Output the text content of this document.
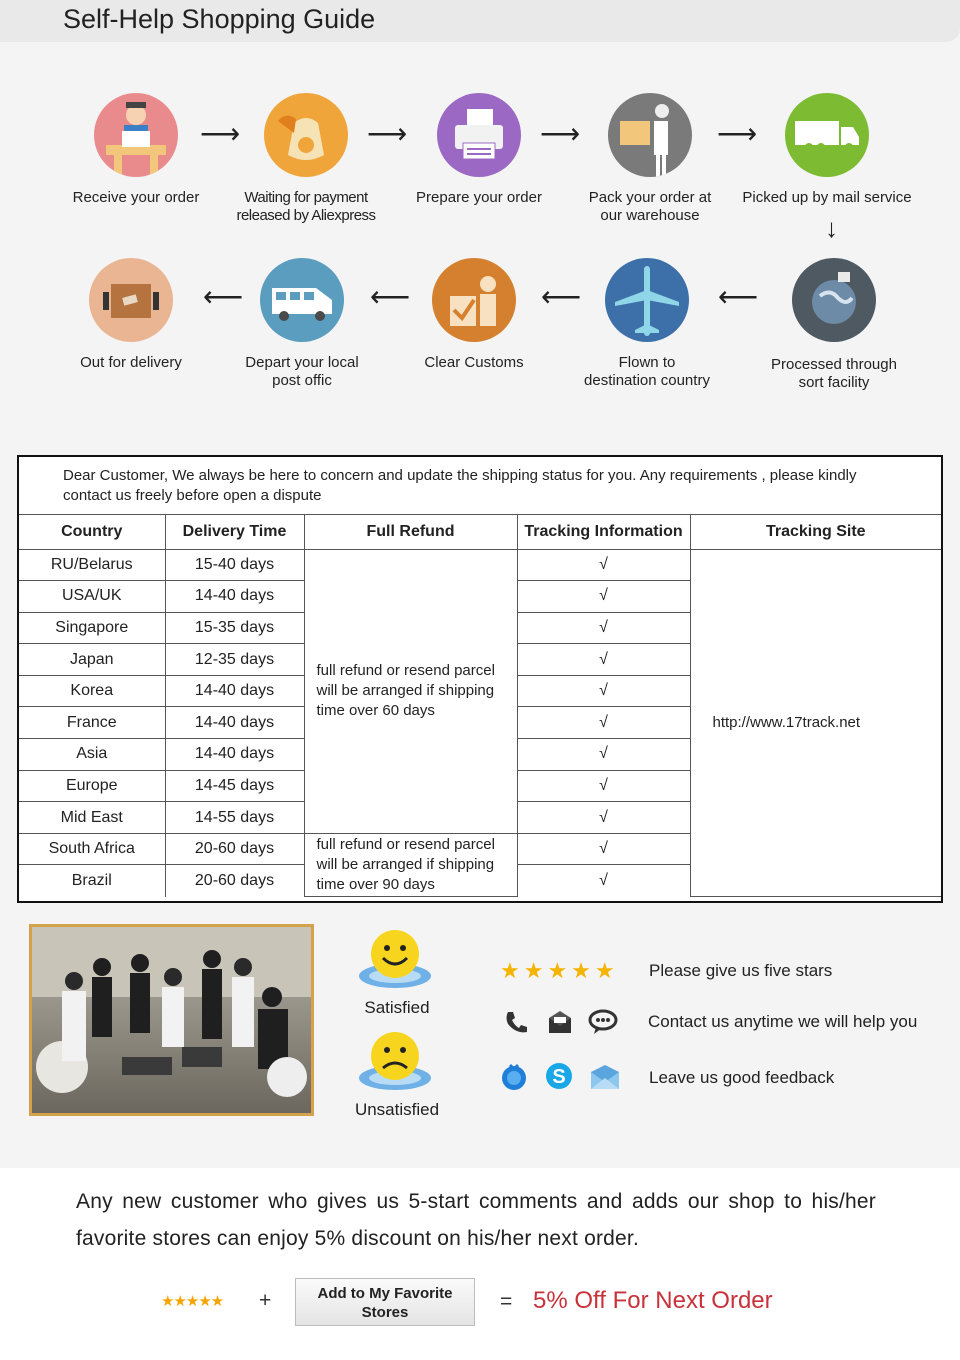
Self-Help Shopping Guide
Receive your order
⟶
Waiting for payment
released by Aliexpress
⟶
Prepare your order
⟶
Pack your order at
our warehouse
⟶
Picked up by mail service
↓
Processed through
sort facility
⟵
Flown to
destination country
⟵
Clear Customs
⟵
Depart your local
post offic
⟵
Out for delivery
Dear Customer, We always be here to concern and update the shipping status for you. Any requirements , please kindly contact us freely before open a dispute
Country	Delivery Time	Full Refund	Tracking Information	Tracking Site
RU/Belarus	15-40 days	full refund or resend parcel will be arranged if shipping time over 60 days	√	http://www.17track.net
USA/UK	14-40 days		√	
Singapore	15-35 days		√	
Japan	12-35 days		√	
Korea	14-40 days		√	
France	14-40 days		√	
Asia	14-40 days		√	
Europe	14-45 days		√	
Mid East	14-55 days		√	
South Africa	20-60 days	full refund or resend parcel will be arranged if shipping time over 90 days	√	
Brazil	20-60 days		√	
Satisfied
Unsatisfied
★★★★★ Please give us five stars
Contact us anytime we will help you
S	Leave us good feedback
Any new customer who gives us 5-start comments and adds our shop to his/her favorite stores can enjoy 5% discount on his/her next order.
★★★★★ +	Add to My Favorite Stores	= 5% Off For Next Order
